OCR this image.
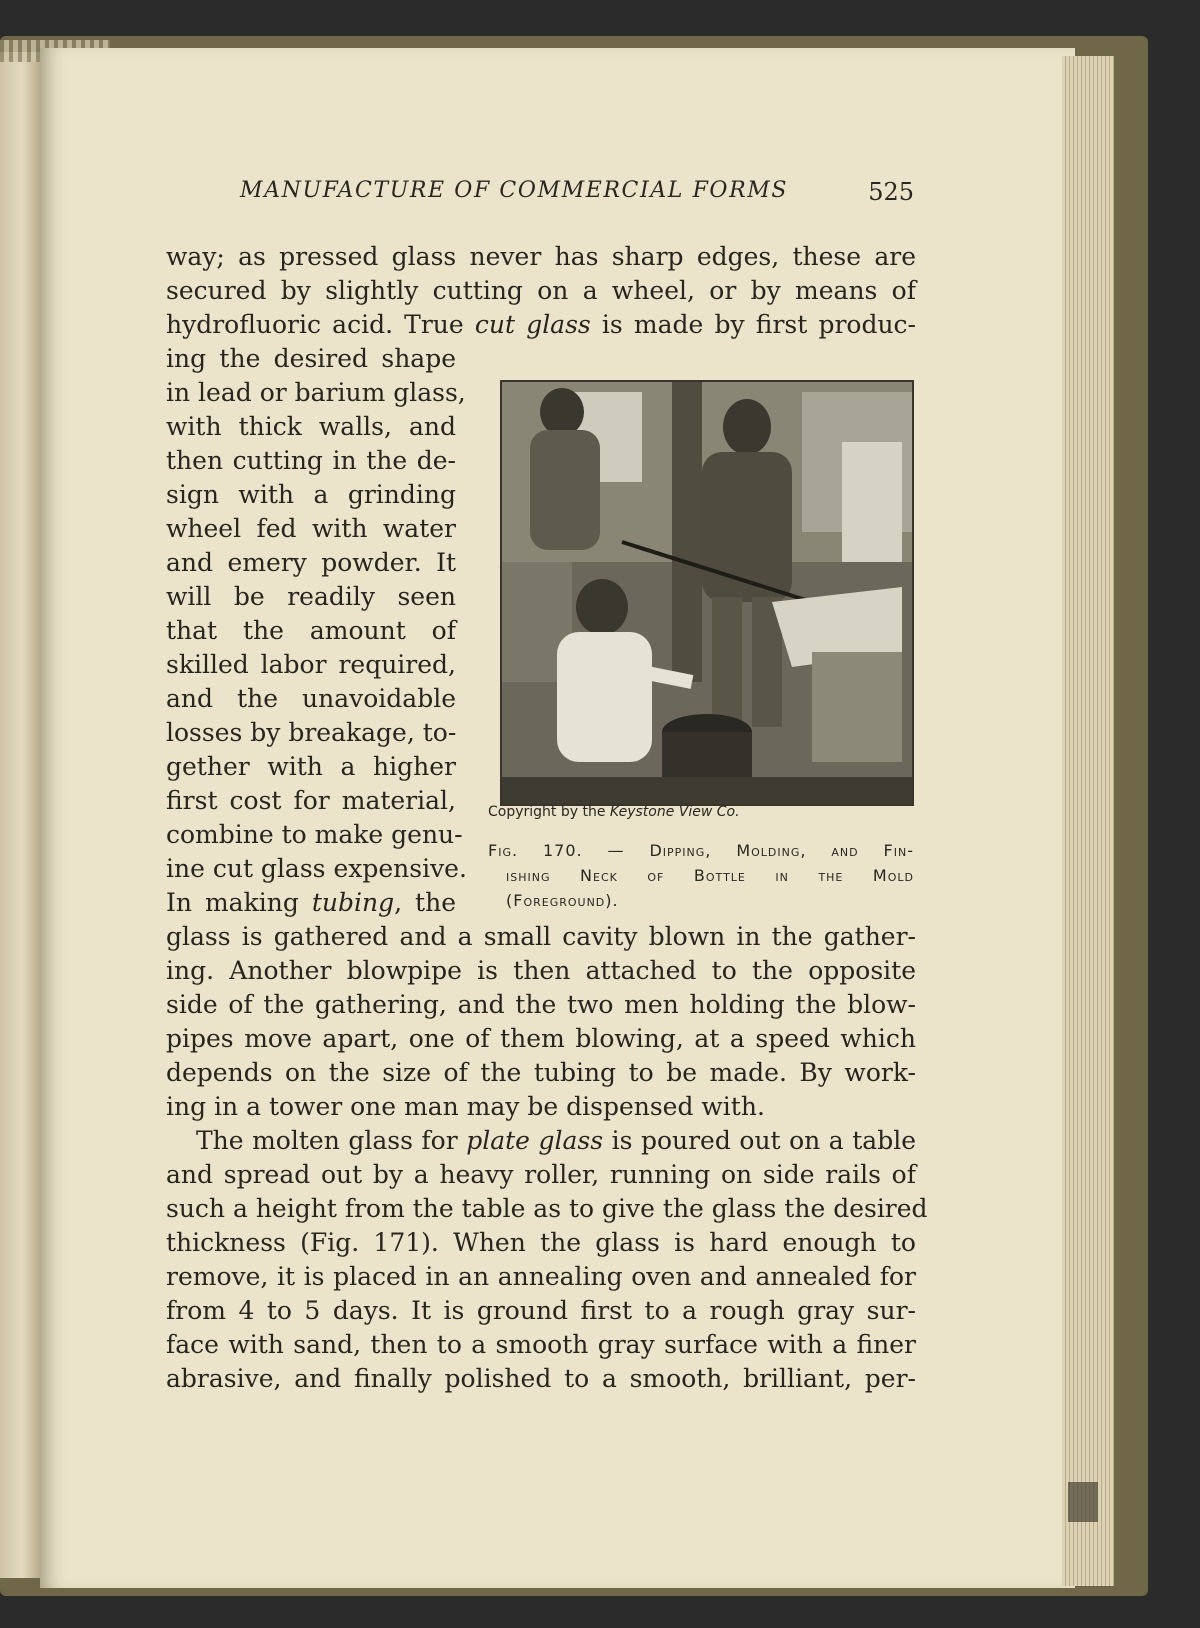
MANUFACTURE OF COMMERCIAL FORMS	525
way; as pressed glass never has sharp edges, these are
secured by slightly cutting on a wheel, or by means of
hydrofluoric acid. True cut glass is made by first produc-
ing the desired shape
in lead or barium glass,
with thick walls, and
then cutting in the de-
sign with a grinding
wheel fed with water
and emery powder. It
will be readily seen
that the amount of
skilled labor required,
and the unavoidable
losses by breakage, to-
gether with a higher
first cost for material,
combine to make genu-
ine cut glass expensive.
In making tubing, the
glass is gathered and a small cavity blown in the gather-
ing. Another blowpipe is then attached to the opposite
side of the gathering, and the two men holding the blow-
pipes move apart, one of them blowing, at a speed which
depends on the size of the tubing to be made. By work-
ing in a tower one man may be dispensed with.
The molten glass for plate glass is poured out on a table
and spread out by a heavy roller, running on side rails of
such a height from the table as to give the glass the desired
thickness (Fig. 171). When the glass is hard enough to
remove, it is placed in an annealing oven and annealed for
from 4 to 5 days. It is ground first to a rough gray sur-
face with sand, then to a smooth gray surface with a finer
abrasive, and finally polished to a smooth, brilliant, per-
Copyright by the Keystone View Co.
Fig. 170. — Dipping, Molding, and Fin-
ishing Neck of Bottle in the Mold
(Foreground).
